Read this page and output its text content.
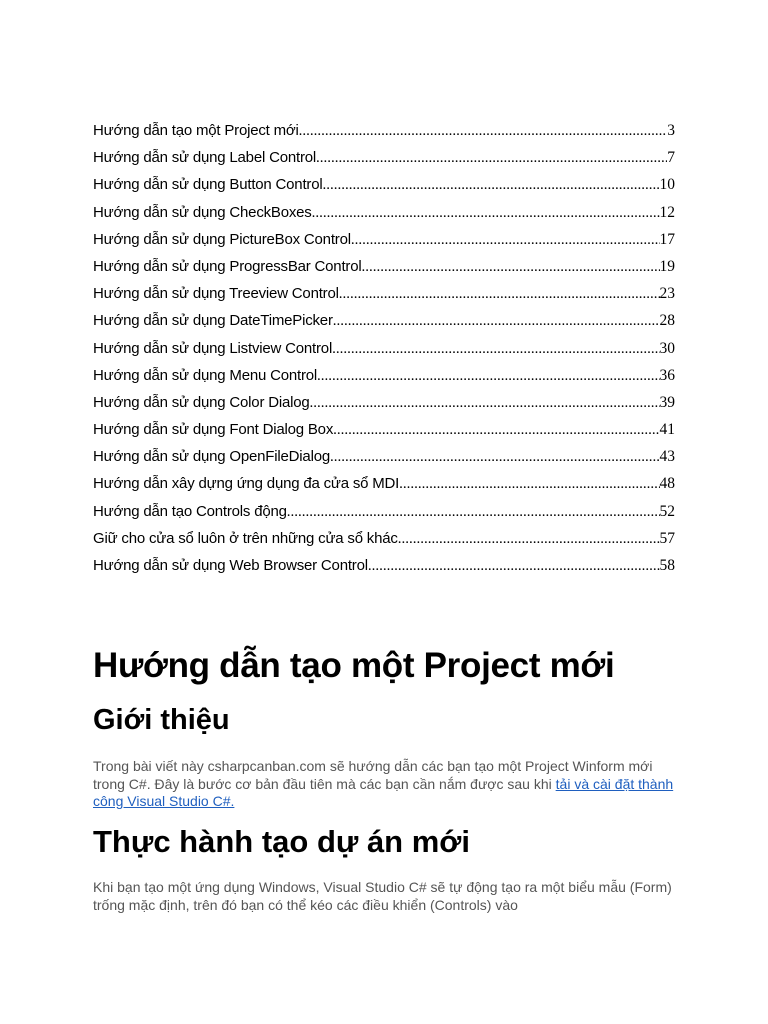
Hướng dẫn tạo một Project mới .....	3
Hướng dẫn sử dụng Label Control .....	7
Hướng dẫn sử dụng Button Control .....	10
Hướng dẫn sử dụng CheckBoxes .....	12
Hướng dẫn sử dụng PictureBox Control .....	17
Hướng dẫn sử dụng ProgressBar Control .....	19
Hướng dẫn sử dụng Treeview Control .....	23
Hướng dẫn sử dụng DateTimePicker .....	28
Hướng dẫn sử dụng Listview Control .....	30
Hướng dẫn sử dụng Menu Control .....	36
Hướng dẫn sử dụng Color Dialog .....	39
Hướng dẫn sử dụng Font Dialog Box .....	41
Hướng dẫn sử dụng OpenFileDialog .....	43
Hướng dẫn xây dựng ứng dụng đa cửa sổ MDI .....	48
Hướng dẫn tạo Controls động .....	52
Giữ cho cửa sổ luôn ở trên những cửa sổ khác .....	57
Hướng dẫn sử dụng Web Browser Control .....	58
Hướng dẫn tạo một Project mới
Giới thiệu

Trong bài viết này csharpcanban.com sẽ hướng dẫn các bạn tạo một Project Winform mới trong C#. Đây là bước cơ bản đầu tiên mà các bạn cần nắm được sau khi tải và cài đặt thành công Visual Studio C#.

Thực hành tạo dự án mới

Khi bạn tạo một ứng dụng Windows, Visual Studio C# sẽ tự động tạo ra một biểu mẫu (Form) trống mặc định, trên đó bạn có thể kéo các điều khiển (Controls) vào
